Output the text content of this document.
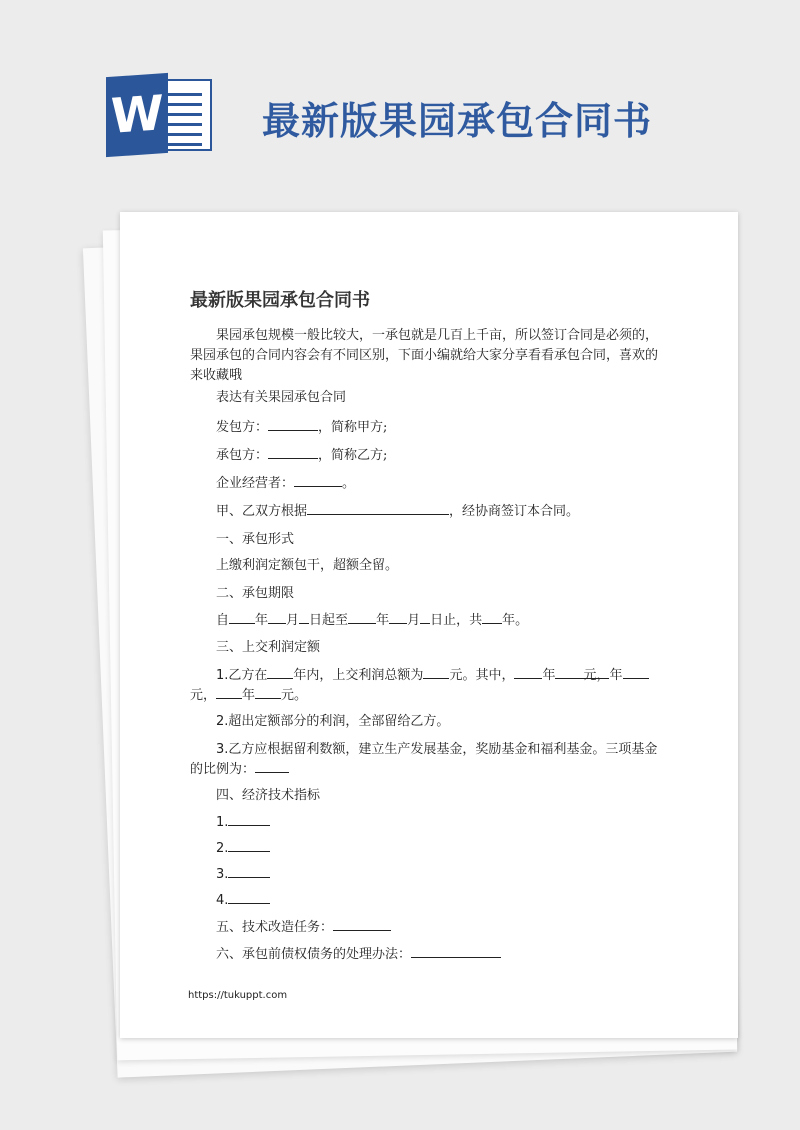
W	最新版果园承包合同书
最新版果园承包合同书
果园承包规模一般比较大，一承包就是几百上千亩，所以签订合同是必须的，果园承包的合同内容会有不同区别，下面小编就给大家分享看看承包合同，喜欢的来收藏哦
表达有关果园承包合同
发包方：	，简称甲方;
承包方：	，简称乙方;
企业经营者：	。
甲、乙双方根据	，经协商签订本合同。
一、承包形式
上缴利润定额包干，超额全留。
二、承包期限
自 年 月 日起至 年 月 日止，共 年。
三、上交利润定额
1.乙方在 年内，上交利润总额为 元。其中， 年 元，年元， 年 元。
2.超出定额部分的利润，全部留给乙方。
3.乙方应根据留利数额，建立生产发展基金，奖励基金和福利基金。三项基金的比例为：
四、经济技术指标
1.
2.
3.
4.
五、技术改造任务：
六、承包前债权债务的处理办法：
https://tukuppt.com
